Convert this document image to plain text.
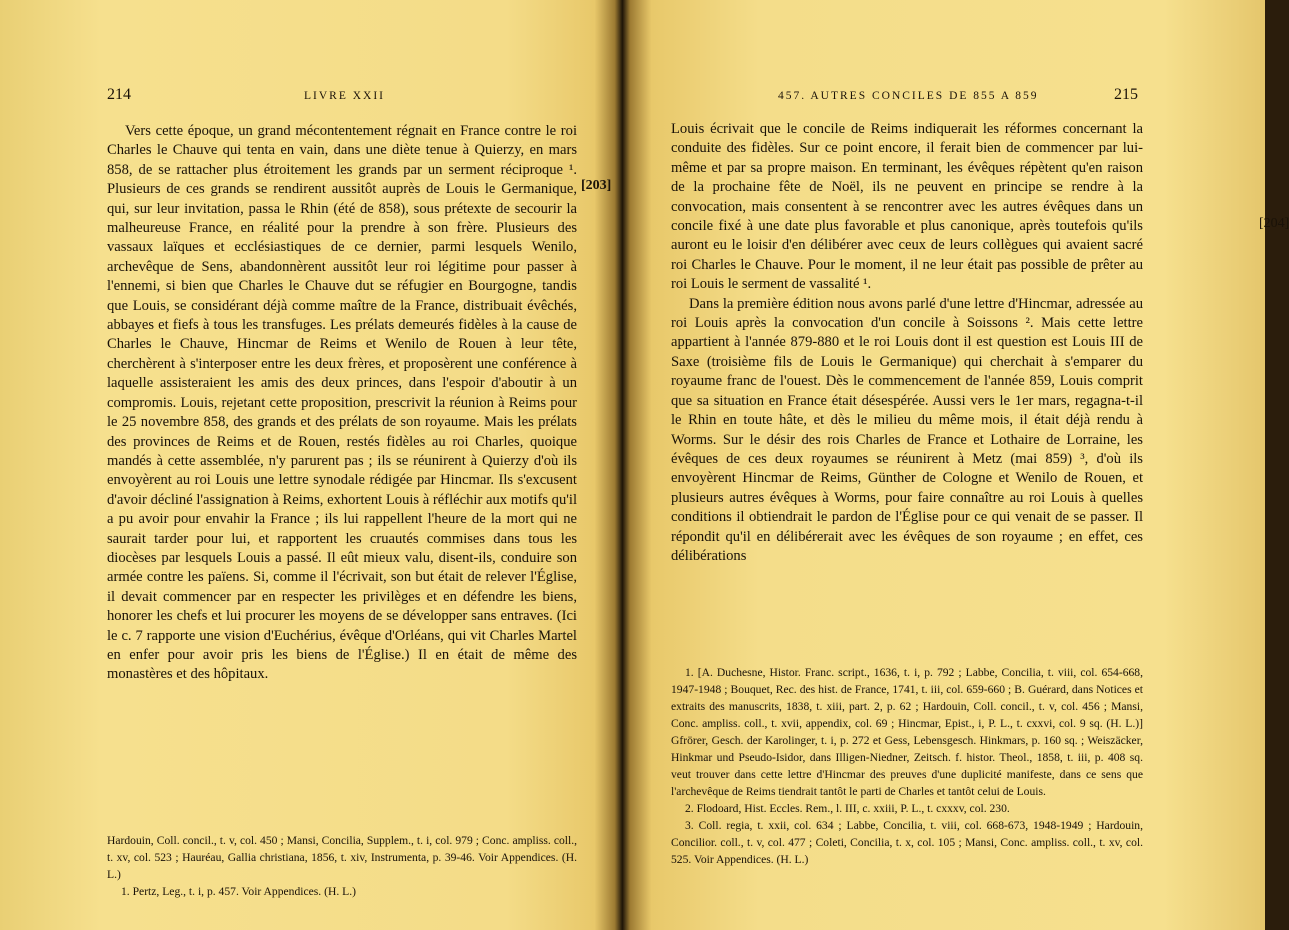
214	LIVRE XXII
[203]

Vers cette époque, un grand mécontentement régnait en France contre le roi Charles le Chauve qui tenta en vain, dans une diète tenue à Quierzy, en mars 858, de se rattacher plus étroitement les grands par un serment réciproque ¹. Plusieurs de ces grands se rendirent aussitôt auprès de Louis le Germanique, qui, sur leur invitation, passa le Rhin (été de 858), sous prétexte de secourir la malheureuse France, en réalité pour la prendre à son frère. Plusieurs des vassaux laïques et ecclésiastiques de ce dernier, parmi lesquels Wenilo, archevêque de Sens, abandonnèrent aussitôt leur roi légitime pour passer à l'ennemi, si bien que Charles le Chauve dut se réfugier en Bourgogne, tandis que Louis, se considérant déjà comme maître de la France, distribuait évêchés, abbayes et fiefs à tous les transfuges. Les prélats demeurés fidèles à la cause de Charles le Chauve, Hincmar de Reims et Wenilo de Rouen à leur tête, cherchèrent à s'interposer entre les deux frères, et proposèrent une conférence à laquelle assisteraient les amis des deux princes, dans l'espoir d'aboutir à un compromis. Louis, rejetant cette proposition, prescrivit la réunion à Reims pour le 25 novembre 858, des grands et des prélats de son royaume. Mais les prélats des provinces de Reims et de Rouen, restés fidèles au roi Charles, quoique mandés à cette assemblée, n'y parurent pas ; ils se réunirent à Quierzy d'où ils envoyèrent au roi Louis une lettre synodale rédigée par Hincmar. Ils s'excusent d'avoir décliné l'assignation à Reims, exhortent Louis à réfléchir aux motifs qu'il a pu avoir pour envahir la France ; ils lui rappellent l'heure de la mort qui ne saurait tarder pour lui, et rapportent les cruautés commises dans tous les diocèses par lesquels Louis a passé. Il eût mieux valu, disent-ils, conduire son armée contre les païens. Si, comme il l'écrivait, son but était de relever l'Église, il devait commencer par en respecter les privilèges et en défendre les biens, honorer les chefs et lui procurer les moyens de se développer sans entraves. (Ici le c. 7 rapporte une vision d'Euchérius, évêque d'Orléans, qui vit Charles Martel en enfer pour avoir pris les biens de l'Église.) Il en était de même des monastères et des hôpitaux.

Hardouin, Coll. concil., t. v, col. 450 ; Mansi, Concilia, Supplem., t. i, col. 979 ; Conc. ampliss. coll., t. xv, col. 523 ; Hauréau, Gallia christiana, 1856, t. xiv, Instrumenta, p. 39-46. Voir Appendices. (H. L.)

1. Pertz, Leg., t. i, p. 457. Voir Appendices. (H. L.)

457. AUTRES CONCILES DE 855 A 859	215
[204]

Louis écrivait que le concile de Reims indiquerait les réformes concernant la conduite des fidèles. Sur ce point encore, il ferait bien de commencer par lui-même et par sa propre maison. En terminant, les évêques répètent qu'en raison de la prochaine fête de Noël, ils ne peuvent en principe se rendre à la convocation, mais consentent à se rencontrer avec les autres évêques dans un concile fixé à une date plus favorable et plus canonique, après toutefois qu'ils auront eu le loisir d'en délibérer avec ceux de leurs collègues qui avaient sacré roi Charles le Chauve. Pour le moment, il ne leur était pas possible de prêter au roi Louis le serment de vassalité ¹.

Dans la première édition nous avons parlé d'une lettre d'Hincmar, adressée au roi Louis après la convocation d'un concile à Soissons ². Mais cette lettre appartient à l'année 879-880 et le roi Louis dont il est question est Louis III de Saxe (troisième fils de Louis le Germanique) qui cherchait à s'emparer du royaume franc de l'ouest. Dès le commencement de l'année 859, Louis comprit que sa situation en France était désespérée. Aussi vers le 1er mars, regagna-t-il le Rhin en toute hâte, et dès le milieu du même mois, il était déjà rendu à Worms. Sur le désir des rois Charles de France et Lothaire de Lorraine, les évêques de ces deux royaumes se réunirent à Metz (mai 859) ³, d'où ils envoyèrent Hincmar de Reims, Günther de Cologne et Wenilo de Rouen, et plusieurs autres évêques à Worms, pour faire connaître au roi Louis à quelles conditions il obtiendrait le pardon de l'Église pour ce qui venait de se passer. Il répondit qu'il en délibérerait avec les évêques de son royaume ; en effet, ces délibérations

1. [A. Duchesne, Histor. Franc. script., 1636, t. i, p. 792 ; Labbe, Concilia, t. viii, col. 654-668, 1947-1948 ; Bouquet, Rec. des hist. de France, 1741, t. iii, col. 659-660 ; B. Guérard, dans Notices et extraits des manuscrits, 1838, t. xiii, part. 2, p. 62 ; Hardouin, Coll. concil., t. v, col. 456 ; Mansi, Conc. ampliss. coll., t. xvii, appendix, col. 69 ; Hincmar, Epist., i, P. L., t. cxxvi, col. 9 sq. (H. L.)] Gfrörer, Gesch. der Karolinger, t. i, p. 272 et Gess, Lebensgesch. Hinkmars, p. 160 sq. ; Weiszäcker, Hinkmar und Pseudo-Isidor, dans Illigen-Niedner, Zeitsch. f. histor. Theol., 1858, t. iii, p. 408 sq. veut trouver dans cette lettre d'Hincmar des preuves d'une duplicité manifeste, dans ce sens que l'archevêque de Reims tiendrait tantôt le parti de Charles et tantôt celui de Louis.

2. Flodoard, Hist. Eccles. Rem., l. III, c. xxiii, P. L., t. cxxxv, col. 230.

3. Coll. regia, t. xxii, col. 634 ; Labbe, Concilia, t. viii, col. 668-673, 1948-1949 ; Hardouin, Concilior. coll., t. v, col. 477 ; Coleti, Concilia, t. x, col. 105 ; Mansi, Conc. ampliss. coll., t. xv, col. 525. Voir Appendices. (H. L.)
